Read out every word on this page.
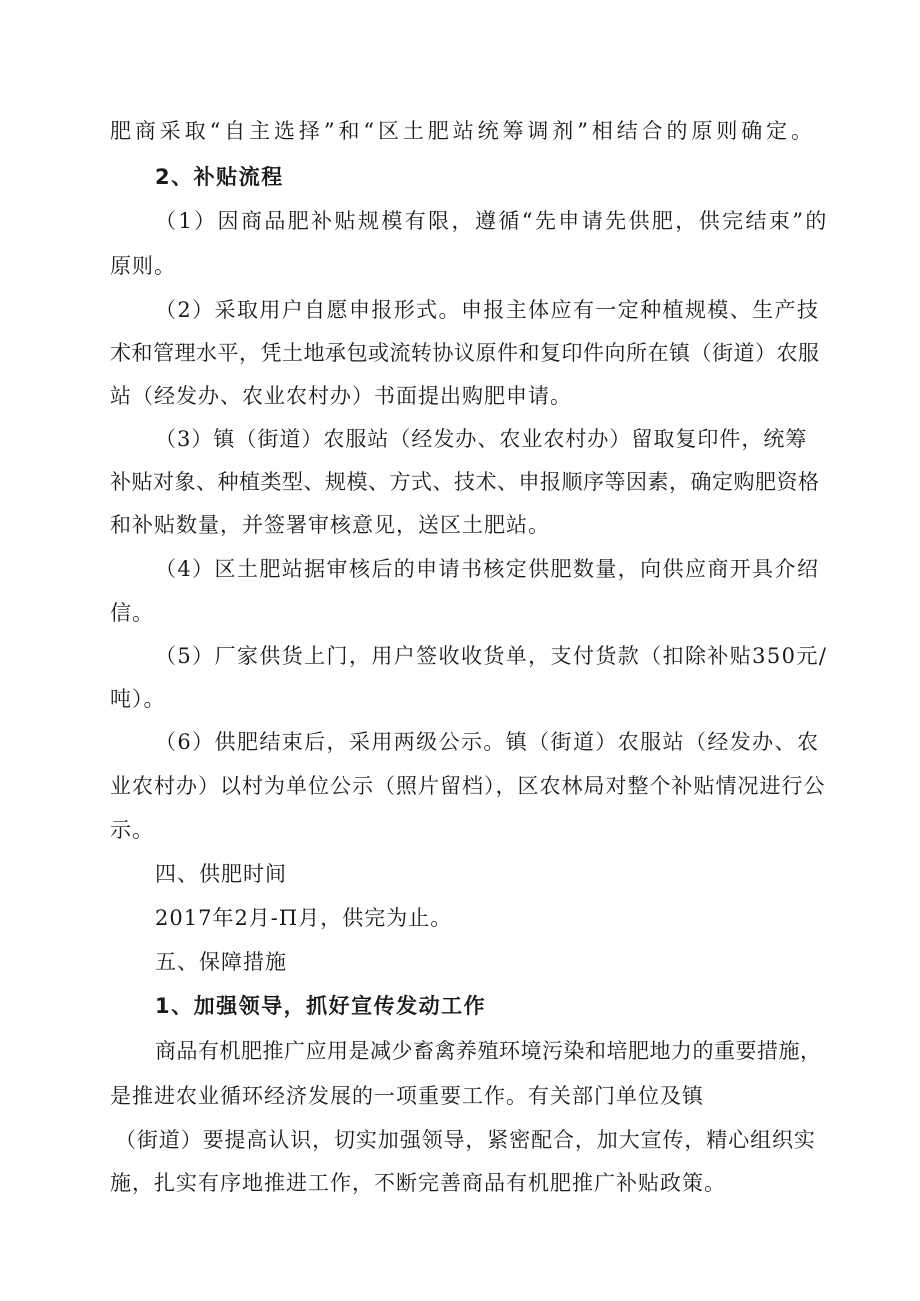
肥商采取“自主选择”和“区土肥站统筹调剂”相结合的原则确定。

2、补贴流程

（1）因商品肥补贴规模有限，遵循“先申请先供肥，供完结束”的

原则。

（2）采取用户自愿申报形式。申报主体应有一定种植规模、生产技

术和管理水平，凭土地承包或流转协议原件和复印件向所在镇（街道）农服

站（经发办、农业农村办）书面提出购肥申请。

（3）镇（街道）农服站（经发办、农业农村办）留取复印件，统筹

补贴对象、种植类型、规模、方式、技术、申报顺序等因素，确定购肥资格

和补贴数量，并签署审核意见，送区土肥站。

（4）区土肥站据审核后的申请书核定供肥数量，向供应商开具介绍

信。

（5）厂家供货上门，用户签收收货单，支付货款（扣除补贴350元/

吨）。

（6）供肥结束后，采用两级公示。镇（街道）农服站（经发办、农

业农村办）以村为单位公示（照片留档），区农林局对整个补贴情况进行公

示。

四、供肥时间

2017年2月-Π月，供完为止。

五、保障措施

1、加强领导，抓好宣传发动工作

商品有机肥推广应用是减少畜禽养殖环境污染和培肥地力的重要措施，

是推进农业循环经济发展的一项重要工作。有关部门单位及镇

（街道）要提高认识，切实加强领导，紧密配合，加大宣传，精心组织实

施，扎实有序地推进工作，不断完善商品有机肥推广补贴政策。
